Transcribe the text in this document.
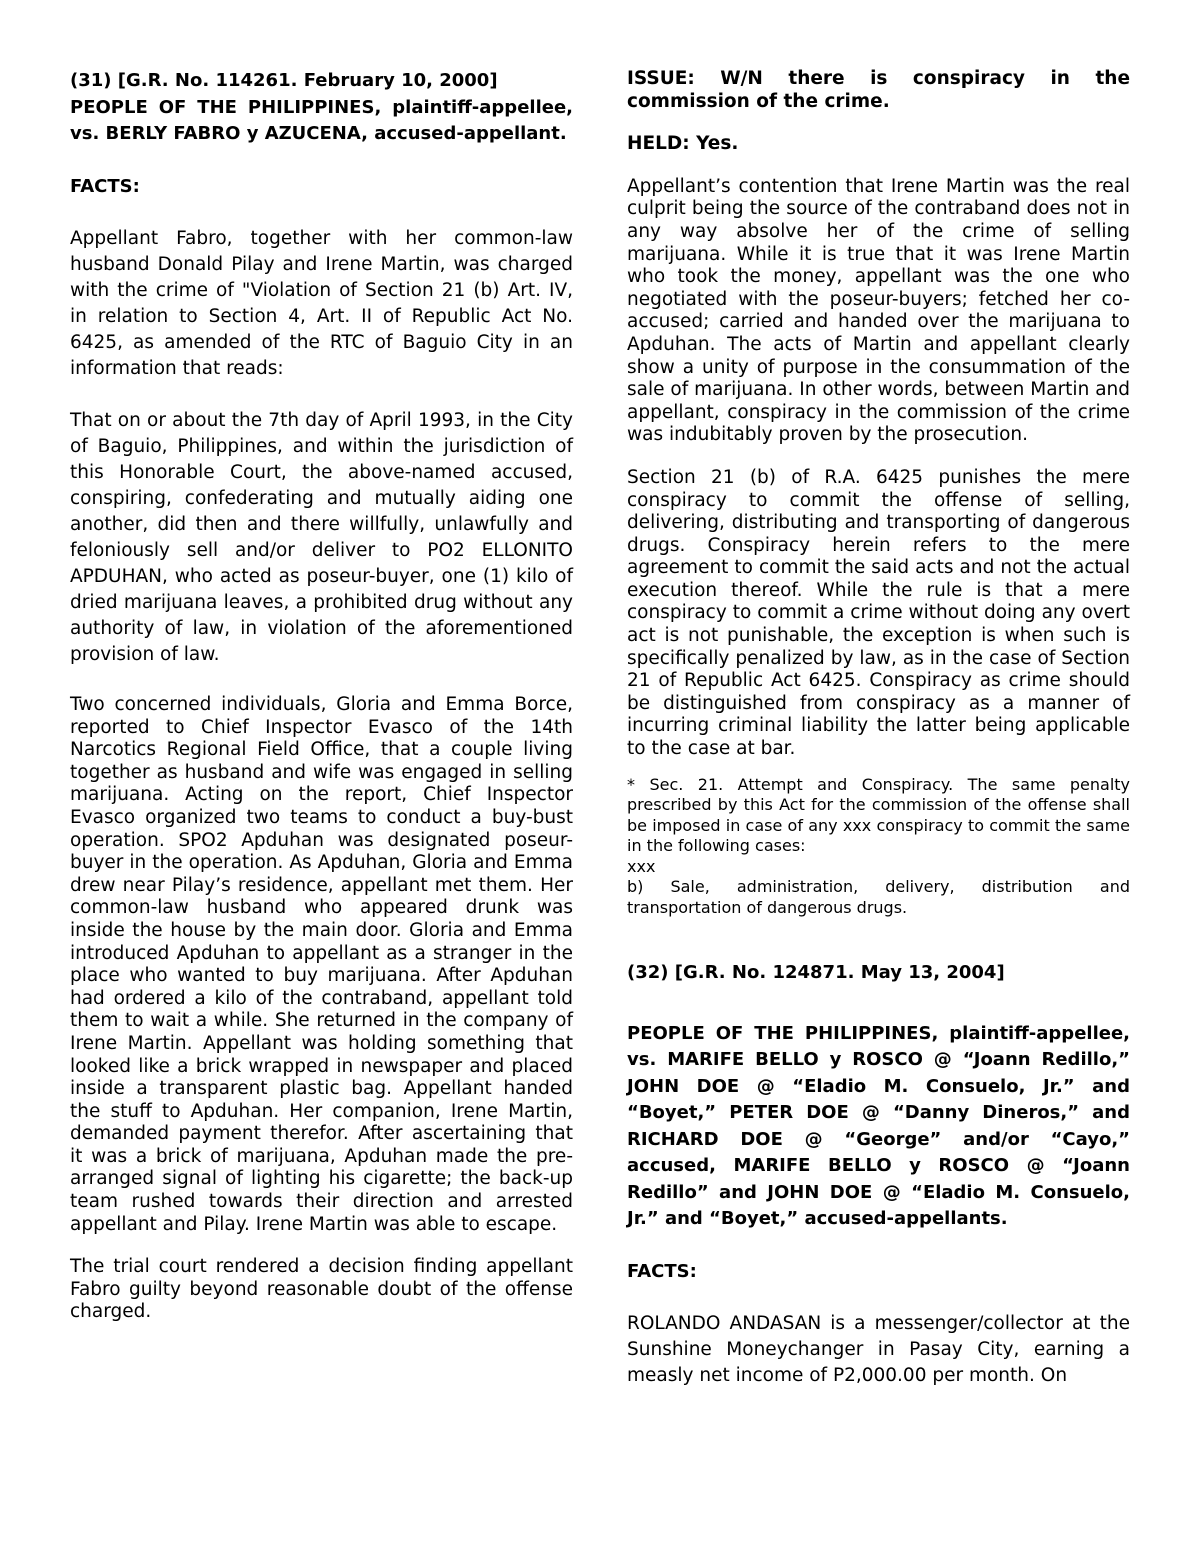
(31) [G.R. No. 114261. February 10, 2000]

PEOPLE OF THE PHILIPPINES, plaintiff-appellee, vs. BERLY FABRO y AZUCENA, accused-appellant.

FACTS:

Appellant Fabro, together with her common-law husband Donald Pilay and Irene Martin, was charged with the crime of "Violation of Section 21 (b) Art. IV, in relation to Section 4, Art. II of Republic Act No. 6425, as amended of the RTC of Baguio City in an information that reads:

That on or about the 7th day of April 1993, in the City of Baguio, Philippines, and within the jurisdiction of this Honorable Court, the above-named accused, conspiring, confederating and mutually aiding one another, did then and there willfully, unlawfully and feloniously sell and/or deliver to PO2 ELLONITO APDUHAN, who acted as poseur-buyer, one (1) kilo of dried marijuana leaves, a prohibited drug without any authority of law, in violation of the aforementioned provision of law.

Two concerned individuals, Gloria and Emma Borce, reported to Chief Inspector Evasco of the 14th Narcotics Regional Field Office, that a couple living together as husband and wife was engaged in selling marijuana. Acting on the report, Chief Inspector Evasco organized two teams to conduct a buy-bust operation. SPO2 Apduhan was designated poseur-buyer in the operation. As Apduhan, Gloria and Emma drew near Pilay’s residence, appellant met them. Her common-law husband who appeared drunk was inside the house by the main door. Gloria and Emma introduced Apduhan to appellant as a stranger in the place who wanted to buy marijuana. After Apduhan had ordered a kilo of the contraband, appellant told them to wait a while. She returned in the company of Irene Martin. Appellant was holding something that looked like a brick wrapped in newspaper and placed inside a transparent plastic bag. Appellant handed the stuff to Apduhan. Her companion, Irene Martin, demanded payment therefor. After ascertaining that it was a brick of marijuana, Apduhan made the pre-arranged signal of lighting his cigarette; the back-up team rushed towards their direction and arrested appellant and Pilay. Irene Martin was able to escape.

The trial court rendered a decision finding appellant Fabro guilty beyond reasonable doubt of the offense charged.

ISSUE: W/N there is conspiracy in the commission of the crime.

HELD: Yes.

Appellant’s contention that Irene Martin was the real culprit being the source of the contraband does not in any way absolve her of the crime of selling marijuana. While it is true that it was Irene Martin who took the money, appellant was the one who negotiated with the poseur-buyers; fetched her co-accused; carried and handed over the marijuana to Apduhan. The acts of Martin and appellant clearly show a unity of purpose in the consummation of the sale of marijuana. In other words, between Martin and appellant, conspiracy in the commission of the crime was indubitably proven by the prosecution.

Section 21 (b) of R.A. 6425 punishes the mere conspiracy to commit the offense of selling, delivering, distributing and transporting of dangerous drugs. Conspiracy herein refers to the mere agreement to commit the said acts and not the actual execution thereof. While the rule is that a mere conspiracy to commit a crime without doing any overt act is not punishable, the exception is when such is specifically penalized by law, as in the case of Section 21 of Republic Act 6425. Conspiracy as crime should be distinguished from conspiracy as a manner of incurring criminal liability the latter being applicable to the case at bar.

* Sec. 21. Attempt and Conspiracy. The same penalty prescribed by this Act for the commission of the offense shall be imposed in case of any xxx conspiracy to commit the same in the following cases:

xxx

b) Sale, administration, delivery, distribution and transportation of dangerous drugs.

(32) [G.R. No. 124871. May 13, 2004]

PEOPLE OF THE PHILIPPINES, plaintiff-appellee, vs. MARIFE BELLO y ROSCO @ “Joann Redillo,” JOHN DOE @ “Eladio M. Consuelo, Jr.” and “Boyet,” PETER DOE @ “Danny Dineros,” and RICHARD DOE @ “George” and/or “Cayo,” accused, MARIFE BELLO y ROSCO @ “Joann Redillo” and JOHN DOE @ “Eladio M. Consuelo, Jr.” and “Boyet,” accused-appellants.

FACTS:

ROLANDO ANDASAN is a messenger/collector at the Sunshine Moneychanger in Pasay City, earning a measly net income of P2,000.00 per month. On
